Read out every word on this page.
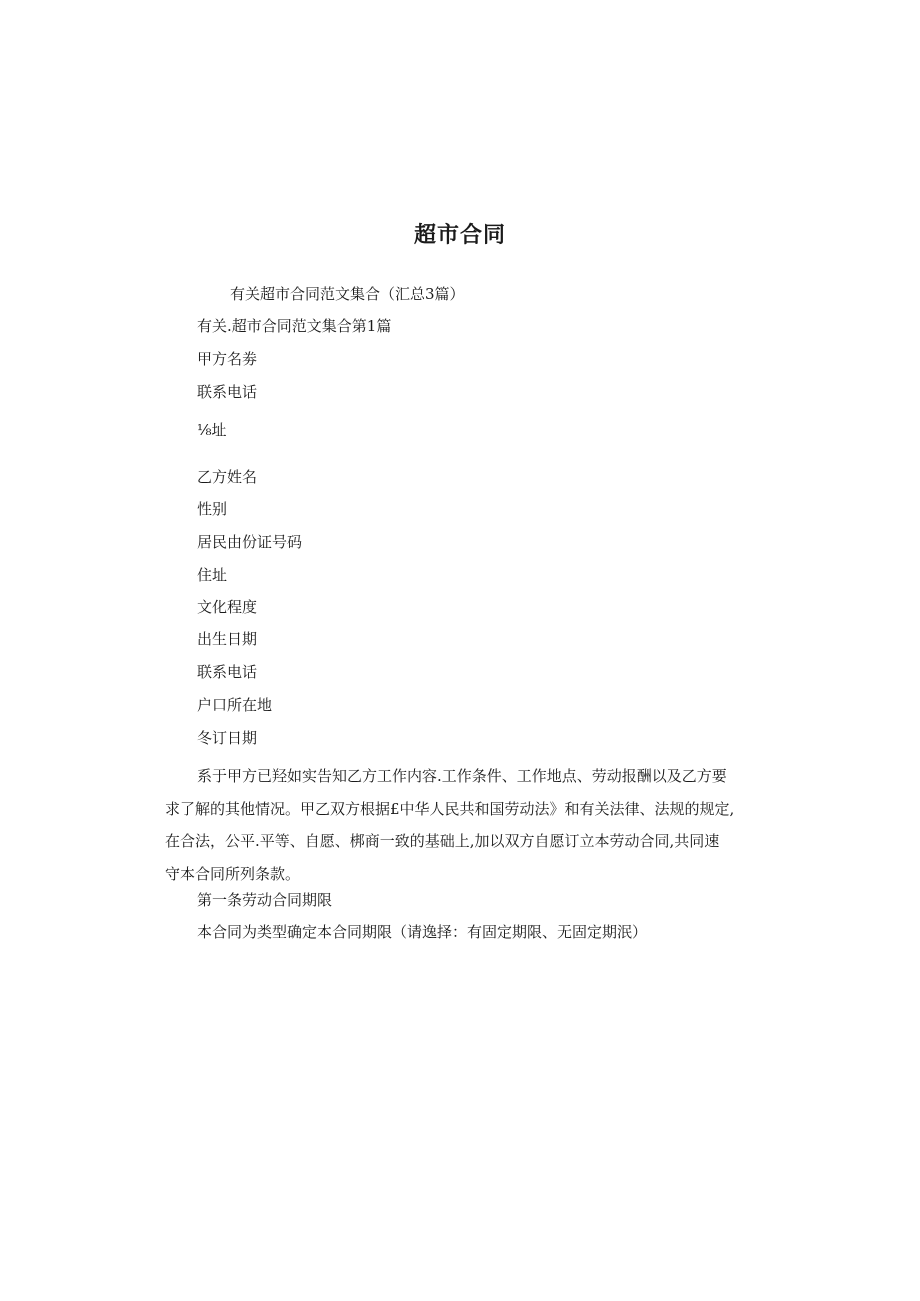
超市合同
有关超市合同范文集合（汇总3篇）
有关.超市合同范文集合第1篇
甲方名劵
联系电话
⅛址
乙方姓名
性别
居民由份证号码
住址
文化程度
出生日期
联系电话
户口所在地
冬订日期
系于甲方已羟如实告知乙方工作内容.工作条件、工作地点、劳动报酬以及乙方要
求了解的其他情况。甲乙双方根据£中华人民共和国劳动法》和有关法律、法规的规定,
在合法，公平.平等、自愿、梆商一致的基础上,加以双方自愿订立本劳动合同,共同速
守本合同所列条款。
第一条劳动合同期限
本合同为类型确定本合同期限（请逸择：有固定期限、无固定期泯）
